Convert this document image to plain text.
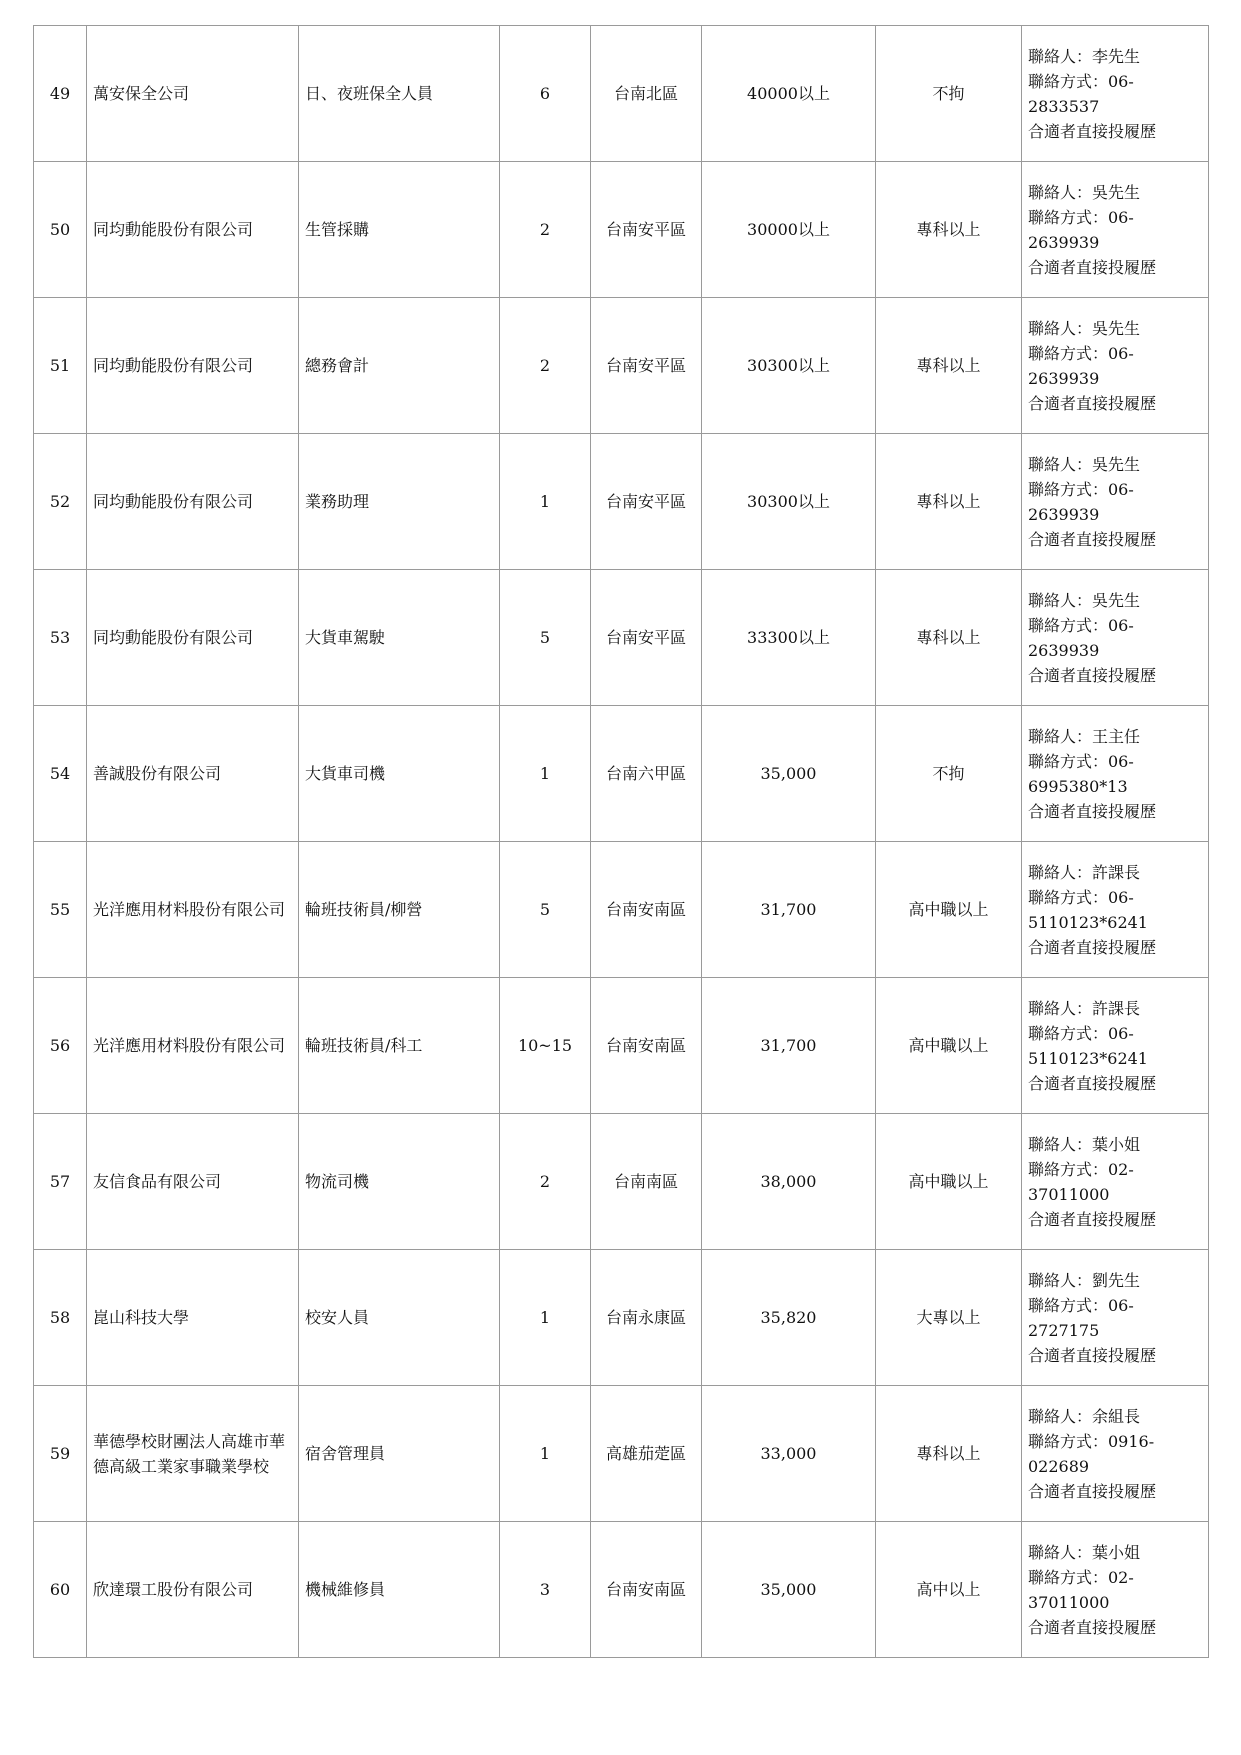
49	萬安保全公司	日、夜班保全人員	6	台南北區	40000以上	不拘	聯絡人：李先生
聯絡方式：06-
2833537
合適者直接投履歷

50	同均動能股份有限公司	生管採購	2	台南安平區	30000以上	專科以上	聯絡人：吳先生
聯絡方式：06-
2639939
合適者直接投履歷

51	同均動能股份有限公司	總務會計	2	台南安平區	30300以上	專科以上	聯絡人：吳先生
聯絡方式：06-
2639939
合適者直接投履歷

52	同均動能股份有限公司	業務助理	1	台南安平區	30300以上	專科以上	聯絡人：吳先生
聯絡方式：06-
2639939
合適者直接投履歷

53	同均動能股份有限公司	大貨車駕駛	5	台南安平區	33300以上	專科以上	聯絡人：吳先生
聯絡方式：06-
2639939
合適者直接投履歷

54	善誠股份有限公司	大貨車司機	1	台南六甲區	35,000	不拘	聯絡人：王主任
聯絡方式：06-
6995380*13
合適者直接投履歷

55	光洋應用材料股份有限公司	輪班技術員/柳營	5	台南安南區	31,700	高中職以上	聯絡人：許課長
聯絡方式：06-
5110123*6241
合適者直接投履歷

56	光洋應用材料股份有限公司	輪班技術員/科工	10~15	台南安南區	31,700	高中職以上	聯絡人：許課長
聯絡方式：06-
5110123*6241
合適者直接投履歷

57	友信食品有限公司	物流司機	2	台南南區	38,000	高中職以上	聯絡人：葉小姐
聯絡方式：02-
37011000
合適者直接投履歷

58	崑山科技大學	校安人員	1	台南永康區	35,820	大專以上	聯絡人：劉先生
聯絡方式：06-
2727175
合適者直接投履歷

59	華德學校財團法人高雄市華德高級工業家事職業學校	宿舍管理員	1	高雄茄萣區	33,000	專科以上	聯絡人：余組長
聯絡方式：0916-
022689
合適者直接投履歷

60	欣達環工股份有限公司	機械維修員	3	台南安南區	35,000	高中以上	聯絡人：葉小姐
聯絡方式：02-
37011000
合適者直接投履歷
